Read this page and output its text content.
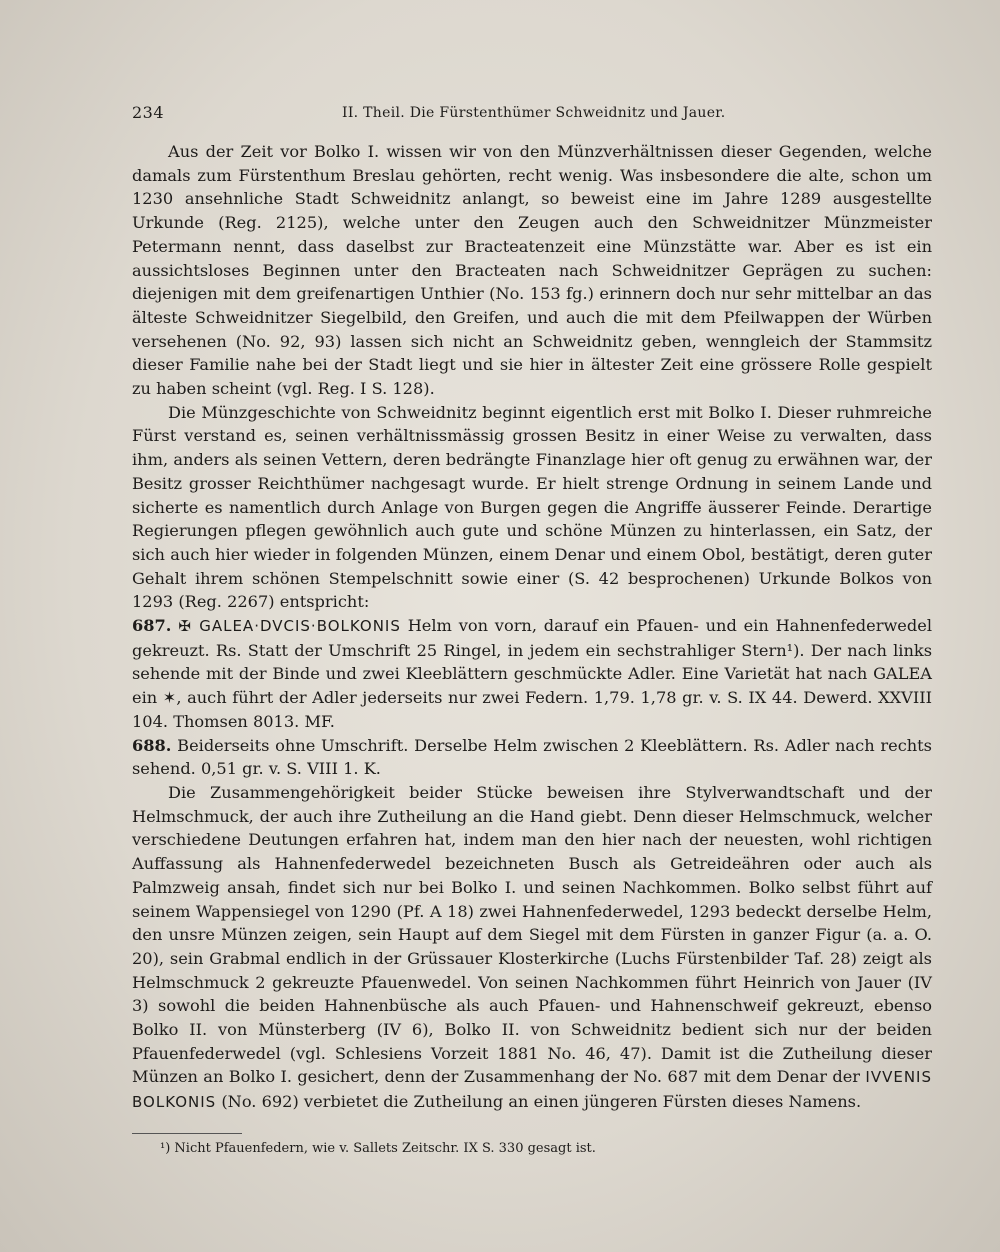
234	II. Theil. Die Fürstenthümer Schweidnitz und Jauer.

Aus der Zeit vor Bolko I. wissen wir von den Münzverhältnissen dieser Gegenden, welche damals zum Fürstenthum Breslau gehörten, recht wenig. Was insbesondere die alte, schon um 1230 ansehnliche Stadt Schweidnitz anlangt, so beweist eine im Jahre 1289 ausgestellte Urkunde (Reg. 2125), welche unter den Zeugen auch den Schweidnitzer Münzmeister Petermann nennt, dass daselbst zur Bracteatenzeit eine Münzstätte war. Aber es ist ein aussichtsloses Beginnen unter den Bracteaten nach Schweidnitzer Geprägen zu suchen: diejenigen mit dem greifenartigen Unthier (No. 153 fg.) erinnern doch nur sehr mittelbar an das älteste Schweidnitzer Siegelbild, den Greifen, und auch die mit dem Pfeilwappen der Würben versehenen (No. 92, 93) lassen sich nicht an Schweidnitz geben, wenngleich der Stammsitz dieser Familie nahe bei der Stadt liegt und sie hier in ältester Zeit eine grössere Rolle gespielt zu haben scheint (vgl. Reg. I S. 128).

Die Münzgeschichte von Schweidnitz beginnt eigentlich erst mit Bolko I. Dieser ruhmreiche Fürst verstand es, seinen verhältnissmässig grossen Besitz in einer Weise zu verwalten, dass ihm, anders als seinen Vettern, deren bedrängte Finanzlage hier oft genug zu erwähnen war, der Besitz grosser Reichthümer nachgesagt wurde. Er hielt strenge Ordnung in seinem Lande und sicherte es namentlich durch Anlage von Burgen gegen die Angriffe äusserer Feinde. Derartige Regierungen pflegen gewöhnlich auch gute und schöne Münzen zu hinterlassen, ein Satz, der sich auch hier wieder in folgenden Münzen, einem Denar und einem Obol, bestätigt, deren guter Gehalt ihrem schönen Stempelschnitt sowie einer (S. 42 besprochenen) Urkunde Bolkos von 1293 (Reg. 2267) entspricht:

687. ✠ GALEA·DVCIS·BOLKONIS Helm von vorn, darauf ein Pfauen- und ein Hahnenfederwedel gekreuzt. Rs. Statt der Umschrift 25 Ringel, in jedem ein sechstrahliger Stern¹). Der nach links sehende mit der Binde und zwei Kleeblättern geschmückte Adler. Eine Varietät hat nach GALEA ein ✶, auch führt der Adler jederseits nur zwei Federn. 1,79. 1,78 gr. v. S. IX 44. Dewerd. XXVIII 104. Thomsen 8013. MF.

688. Beiderseits ohne Umschrift. Derselbe Helm zwischen 2 Kleeblättern. Rs. Adler nach rechts sehend. 0,51 gr. v. S. VIII 1. K.

Die Zusammengehörigkeit beider Stücke beweisen ihre Stylverwandtschaft und der Helmschmuck, der auch ihre Zutheilung an die Hand giebt. Denn dieser Helmschmuck, welcher verschiedene Deutungen erfahren hat, indem man den hier nach der neuesten, wohl richtigen Auffassung als Hahnenfederwedel bezeichneten Busch als Getreideähren oder auch als Palmzweig ansah, findet sich nur bei Bolko I. und seinen Nachkommen. Bolko selbst führt auf seinem Wappensiegel von 1290 (Pf. A 18) zwei Hahnenfederwedel, 1293 bedeckt derselbe Helm, den unsre Münzen zeigen, sein Haupt auf dem Siegel mit dem Fürsten in ganzer Figur (a. a. O. 20), sein Grabmal endlich in der Grüssauer Klosterkirche (Luchs Fürstenbilder Taf. 28) zeigt als Helmschmuck 2 gekreuzte Pfauenwedel. Von seinen Nachkommen führt Heinrich von Jauer (IV 3) sowohl die beiden Hahnenbüsche als auch Pfauen- und Hahnenschweif gekreuzt, ebenso Bolko II. von Münsterberg (IV 6), Bolko II. von Schweidnitz bedient sich nur der beiden Pfauenfederwedel (vgl. Schlesiens Vorzeit 1881 No. 46, 47). Damit ist die Zutheilung dieser Münzen an Bolko I. gesichert, denn der Zusammenhang der No. 687 mit dem Denar der IVVENIS BOLKONIS (No. 692) verbietet die Zutheilung an einen jüngeren Fürsten dieses Namens.

¹) Nicht Pfauenfedern, wie v. Sallets Zeitschr. IX S. 330 gesagt ist.
